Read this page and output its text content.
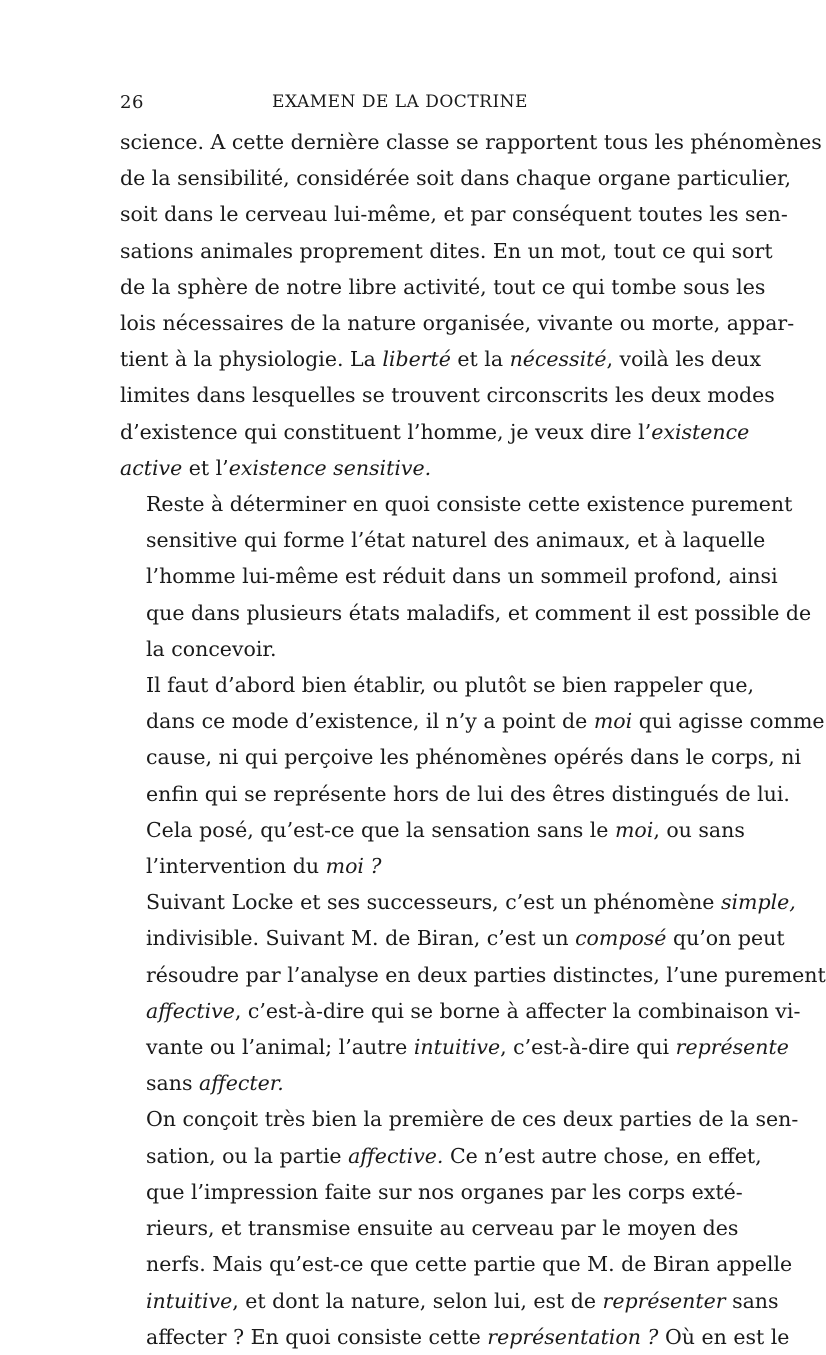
26	EXAMEN DE LA DOCTRINE

science. A cette dernière classe se rapportent tous les phénomènes
de la sensibilité, considérée soit dans chaque organe particulier,
soit dans le cerveau lui-même, et par conséquent toutes les sen-
sations animales proprement dites. En un mot, tout ce qui sort
de la sphère de notre libre activité, tout ce qui tombe sous les
lois nécessaires de la nature organisée, vivante ou morte, appar-
tient à la physiologie. La liberté et la nécessité, voilà les deux
limites dans lesquelles se trouvent circonscrits les deux modes
d’existence qui constituent l’homme, je veux dire l’existence
active et l’existence sensitive.

Reste à déterminer en quoi consiste cette existence purement
sensitive qui forme l’état naturel des animaux, et à laquelle
l’homme lui-même est réduit dans un sommeil profond, ainsi
que dans plusieurs états maladifs, et comment il est possible de
la concevoir.

Il faut d’abord bien établir, ou plutôt se bien rappeler que,
dans ce mode d’existence, il n’y a point de moi qui agisse comme
cause, ni qui perçoive les phénomènes opérés dans le corps, ni
enfin qui se représente hors de lui des êtres distingués de lui.

Cela posé, qu’est-ce que la sensation sans le moi, ou sans
l’intervention du moi ?

Suivant Locke et ses successeurs, c’est un phénomène simple,
indivisible. Suivant M. de Biran, c’est un composé qu’on peut
résoudre par l’analyse en deux parties distinctes, l’une purement
affective, c’est-à-dire qui se borne à affecter la combinaison vi-
vante ou l’animal; l’autre intuitive, c’est-à-dire qui représente
sans affecter.

On conçoit très bien la première de ces deux parties de la sen-
sation, ou la partie affective. Ce n’est autre chose, en effet,
que l’impression faite sur nos organes par les corps exté-
rieurs, et transmise ensuite au cerveau par le moyen des
nerfs. Mais qu’est-ce que cette partie que M. de Biran appelle
intuitive, et dont la nature, selon lui, est de représenter sans
affecter ? En quoi consiste cette représentation ? Où en est le
